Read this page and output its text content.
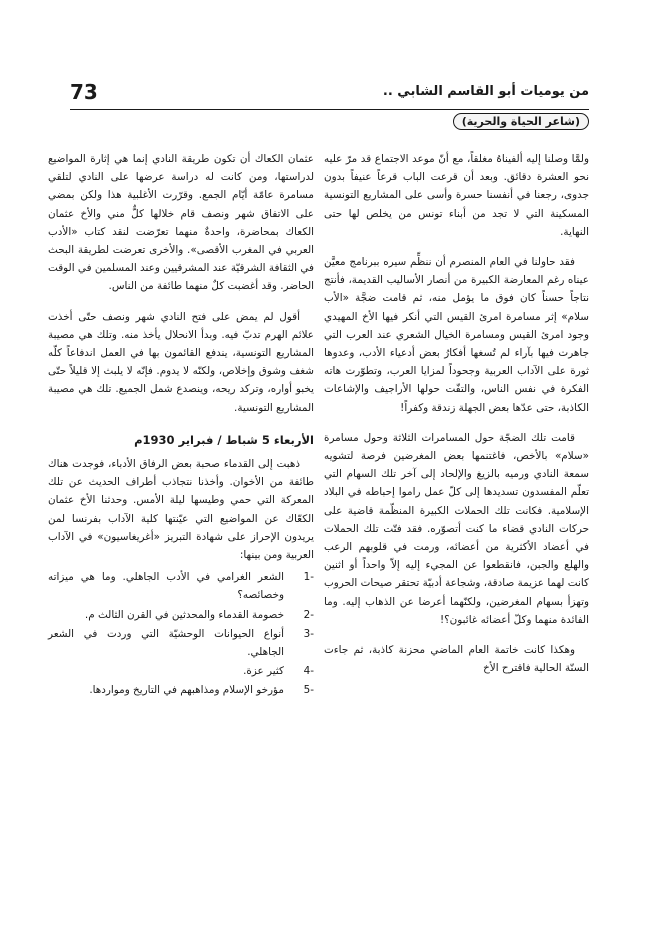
73	من يوميات أبو القاسم الشابي ..
(شاعر الحياة والحرية)

ولمَّا وصلنا إليه ألفيناهُ مغلقاً، مع أنّ موعد الاجتماع قد مرّ عليه نحو العشرة دقائق. وبعد أن قرعت الباب قرعاً عنيفاً بدون جدوى، رجعنا في أنفسنا حسرة وأسى على المشاريع التونسية المسكينة التي لا تجد من أبناء تونس من يخلص لها حتى النهاية.

فقد حاولنا في العام المنصرم أن ننظِّم سيره ببرنامج معيَّن عيناه رغم المعارضة الكبيرة من أنصار الأساليب القديمة، فأنتج نتاجاً حسناً كان فوق ما يؤمل منه، ثم قامت ضجَّة «الأب سلام» إثر مسامرة امرئ القيس التي أنكر فيها الأخ المهيدي وجود امرئ القيس ومسامرة الخيال الشعري عند العرب التي جاهرت فيها بآراء لم تُسغها أفكارُ بعض أدعياء الأدب، وعدوها ثورة على الآداب العربية وجحوداً لمزايا العرب، وتطوّرت هاته الفكرة في نفس الناس، والتفّت حولها الأراجيف والإشاعات الكاذبة، حتى عدّها بعض الجهلة زندقة وكفراً!

قامت تلك الضجّة حول المسامرات الثلاثة وحول مسامرة «سلام» بالأخص، فاغتنمها بعض المغرضين فرصة لتشويه سمعة النادي ورميه بالزيغ والإلحاد إلى آخر تلك السهام التي تعلّم المفسدون تسديدها إلى كلّ عمل راموا إحباطه في البلاد الإسلامية. فكانت تلك الحملات الكبيرة المنظّمة قاضية على حركات النادي قضاء ما كنت أتصوّره. فقد فتّت تلك الحملات في أعضاد الأكثرية من أعضائه، ورمت في قلوبهم الرعب والهلع والجبن، فانقطعوا عن المجيء إليه إلاّ واحداً أو اثنين كانت لهما عزيمة صادقة، وشجاعة أدبيّة تحتقر صيحات الحروب وتهزأ بسهام المغرضين، ولكنّهما أعرضا عن الذهاب إليه. وما الفائدة منهما وكلّ أعضائه غائبون؟!

وهكذا كانت خاتمة العام الماضي محزنة كاذبة، ثم جاءت السنّة الحالية فاقترح الأخ

عثمان الكعاك أن تكون طريقة النادي إنما هي إثارة المواضيع لدراستها، ومن كانت له دراسة عرضها على النادي لتلقي مسامرة عامّة أيّام الجمع. وقرّرت الأغلبية هذا ولكن بمضي على الاتفاق شهر ونصف قام خلالها كلٌّ مني والأخ عثمان الكعاك بمحاضرة، واحدةٌ منهما تعرّضت لنقد كتاب «الأدب العربي في المغرب الأقصى». والأخرى تعرضت لطريقة البحث في الثقافة الشرقيّة عند المشرقيين وعند المسلمين في الوقت الحاضر. وقد أغضبت كلٌ منهما طائفة من الناس.

أقول لم يمض على فتح النادي شهر ونصف حتّى أخذت علائم الهرم تدبّ فيه. وبدأ الانحلال يأخذ منه. وتلك هي مصيبة المشاريع التونسية، يندفع القائمون بها في العمل اندفاعاً كلّه شغف وشوق وإخلاص، ولكنّه لا يدوم. فإنّه لا يلبث إلا قليلاً حتّى يخبو أواره، وتركد ريحه، وينصدع شمل الجميع. تلك هي مصيبة المشاريع التونسية.

الأربعاء 5 شباط / فبراير 1930م

ذهبت إلى القدماء صحبة بعض الرفاق الأدباء، فوجدت هناك طائفة من الأخوان. وأخذنا نتجاذب أطراف الحديث عن تلك المعركة التي حمي وطيسها ليلة الأمس. وحدثنا الأخ عثمان الكعّاك عن المواضيع التي عيّنتها كلية الآداب بفرنسا لمن يريدون الإحراز على شهادة التبريز «أغريغاسيون» في الآداب العربية ومن بينها:

-1
الشعر الغرامي في الأدب الجاهلي. وما هي ميزاته وخصائصه؟
-2
خصومة القدماء والمحدثين في القرن الثالث م.
-3
أنواع الحيوانات الوحشيّة التي وردت في الشعر الجاهلي.
-4
كثير عزة.
-5
مؤرخو الإسلام ومذاهبهم في التاريخ ومواردها.
